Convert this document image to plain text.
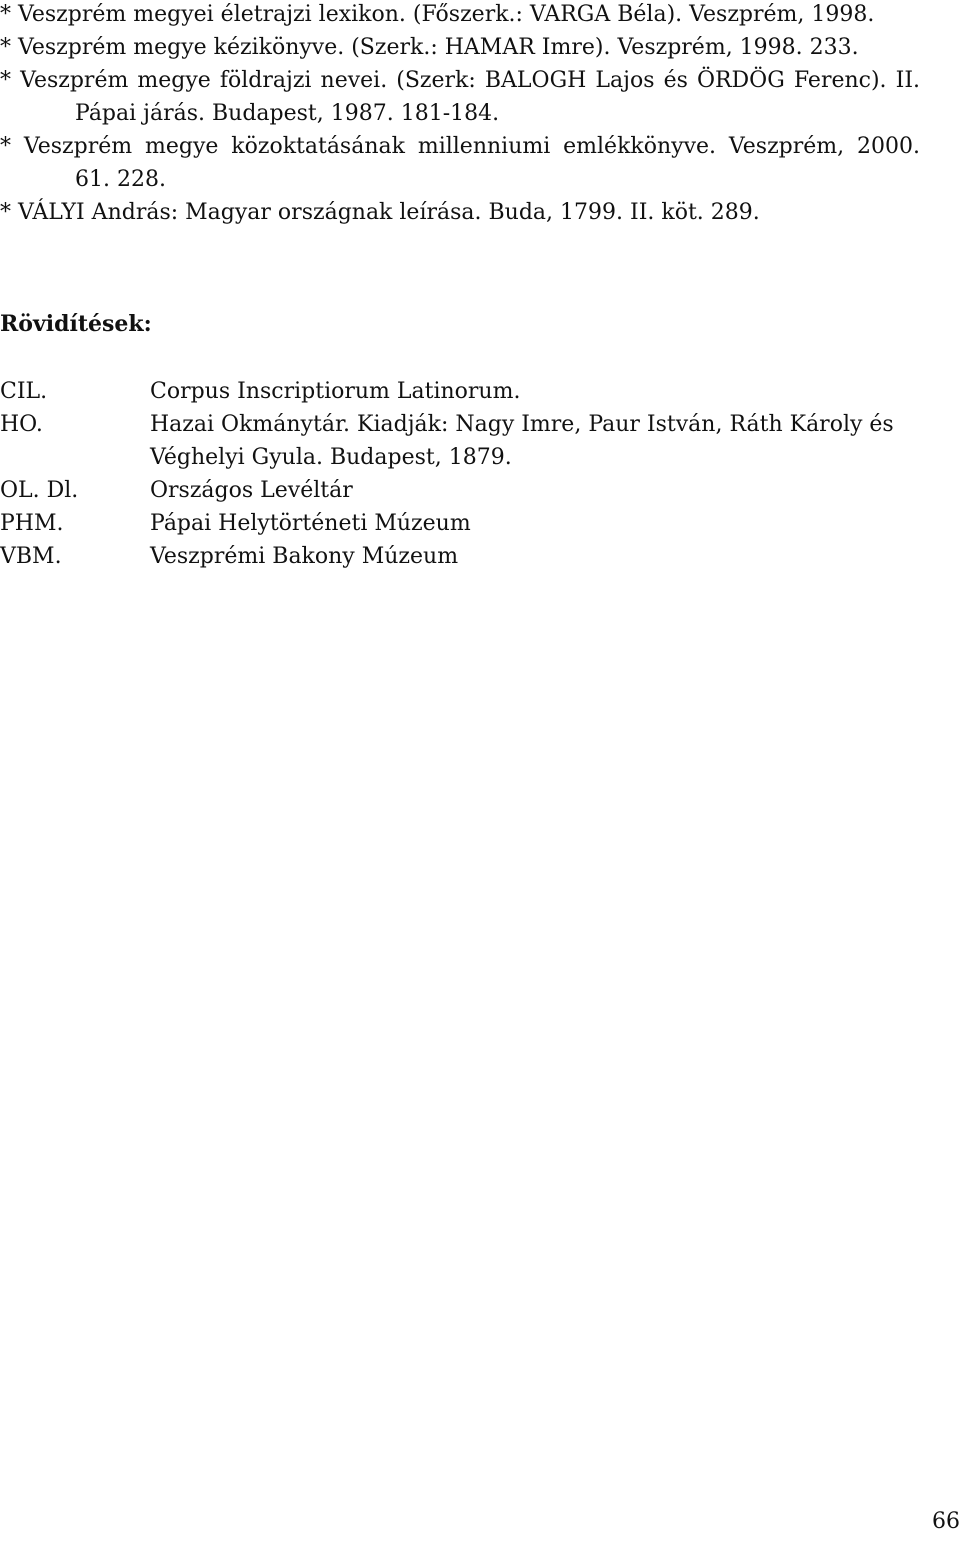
* Veszprém megyei életrajzi lexikon. (Főszerk.: VARGA Béla). Veszprém, 1998.

* Veszprém megye kézikönyve. (Szerk.: HAMAR Imre). Veszprém, 1998. 233.

* Veszprém megye földrajzi nevei. (Szerk: BALOGH Lajos és ÖRDÖG Ferenc). II. Pápai járás. Budapest, 1987. 181-184.

* Veszprém megye közoktatásának millenniumi emlékkönyve. Veszprém, 2000. 61. 228.

* VÁLYI András: Magyar országnak leírása. Buda, 1799. II. köt. 289.

Rövidítések:
CIL.	Corpus Inscriptiorum Latinorum.
HO.	Hazai Okmánytár. Kiadják: Nagy Imre, Paur István, Ráth Károly és Véghelyi Gyula. Budapest, 1879.
OL. Dl.	Országos Levéltár
PHM.	Pápai Helytörténeti Múzeum
VBM.	Veszprémi Bakony Múzeum
66
